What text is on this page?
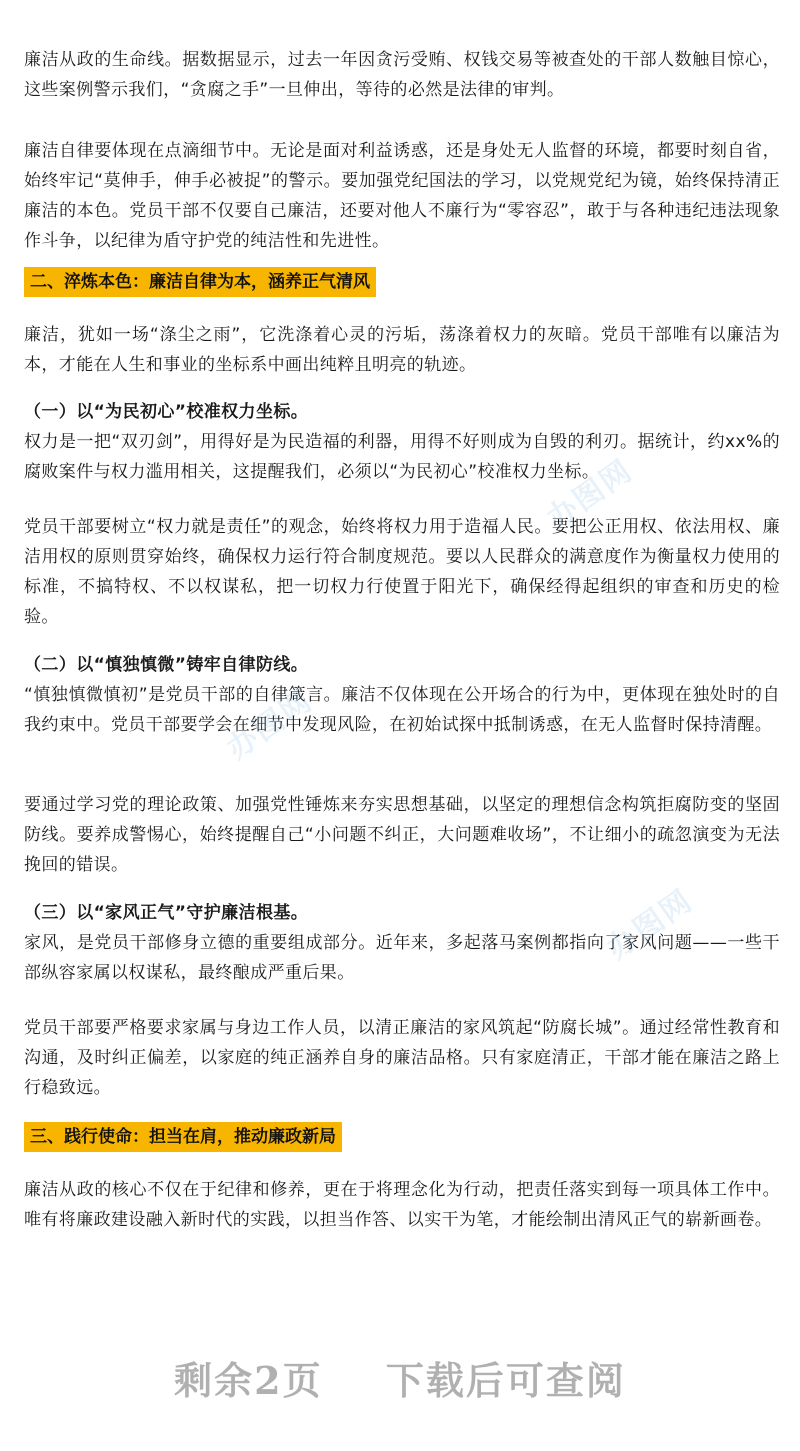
廉洁从政的生命线。据数据显示，过去一年因贪污受贿、权钱交易等被查处的干部人数触目惊心，这些案例警示我们，“贪腐之手”一旦伸出，等待的必然是法律的审判。

廉洁自律要体现在点滴细节中。无论是面对利益诱惑，还是身处无人监督的环境，都要时刻自省，始终牢记“莫伸手，伸手必被捉”的警示。要加强党纪国法的学习，以党规党纪为镜，始终保持清正廉洁的本色。党员干部不仅要自己廉洁，还要对他人不廉行为“零容忍”，敢于与各种违纪违法现象作斗争，以纪律为盾守护党的纯洁性和先进性。

二、淬炼本色：廉洁自律为本，涵养正气清风

廉洁，犹如一场“涤尘之雨”，它洗涤着心灵的污垢，荡涤着权力的灰暗。党员干部唯有以廉洁为本，才能在人生和事业的坐标系中画出纯粹且明亮的轨迹。

（一）以“为民初心”校准权力坐标。

权力是一把“双刃剑”，用得好是为民造福的利器，用得不好则成为自毁的利刃。据统计，约xx%的腐败案件与权力滥用相关，这提醒我们，必须以“为民初心”校准权力坐标。

党员干部要树立“权力就是责任”的观念，始终将权力用于造福人民。要把公正用权、依法用权、廉洁用权的原则贯穿始终，确保权力运行符合制度规范。要以人民群众的满意度作为衡量权力使用的标准，不搞特权、不以权谋私，把一切权力行使置于阳光下，确保经得起组织的审查和历史的检验。

（二）以“慎独慎微”铸牢自律防线。

“慎独慎微慎初”是党员干部的自律箴言。廉洁不仅体现在公开场合的行为中，更体现在独处时的自我约束中。党员干部要学会在细节中发现风险，在初始试探中抵制诱惑，在无人监督时保持清醒。

要通过学习党的理论政策、加强党性锤炼来夯实思想基础，以坚定的理想信念构筑拒腐防变的坚固防线。要养成警惕心，始终提醒自己“小问题不纠正，大问题难收场”，不让细小的疏忽演变为无法挽回的错误。

（三）以“家风正气”守护廉洁根基。

家风，是党员干部修身立德的重要组成部分。近年来，多起落马案例都指向了家风问题——一些干部纵容家属以权谋私，最终酿成严重后果。

党员干部要严格要求家属与身边工作人员，以清正廉洁的家风筑起“防腐长城”。通过经常性教育和沟通，及时纠正偏差，以家庭的纯正涵养自身的廉洁品格。只有家庭清正，干部才能在廉洁之路上行稳致远。

三、践行使命：担当在肩，推动廉政新局

廉洁从政的核心不仅在于纪律和修养，更在于将理念化为行动，把责任落实到每一项具体工作中。唯有将廉政建设融入新时代的实践，以担当作答、以实干为笔，才能绘制出清风正气的崭新画卷。

办图网
办图网
办图网
剩余2页 下载后可查阅
